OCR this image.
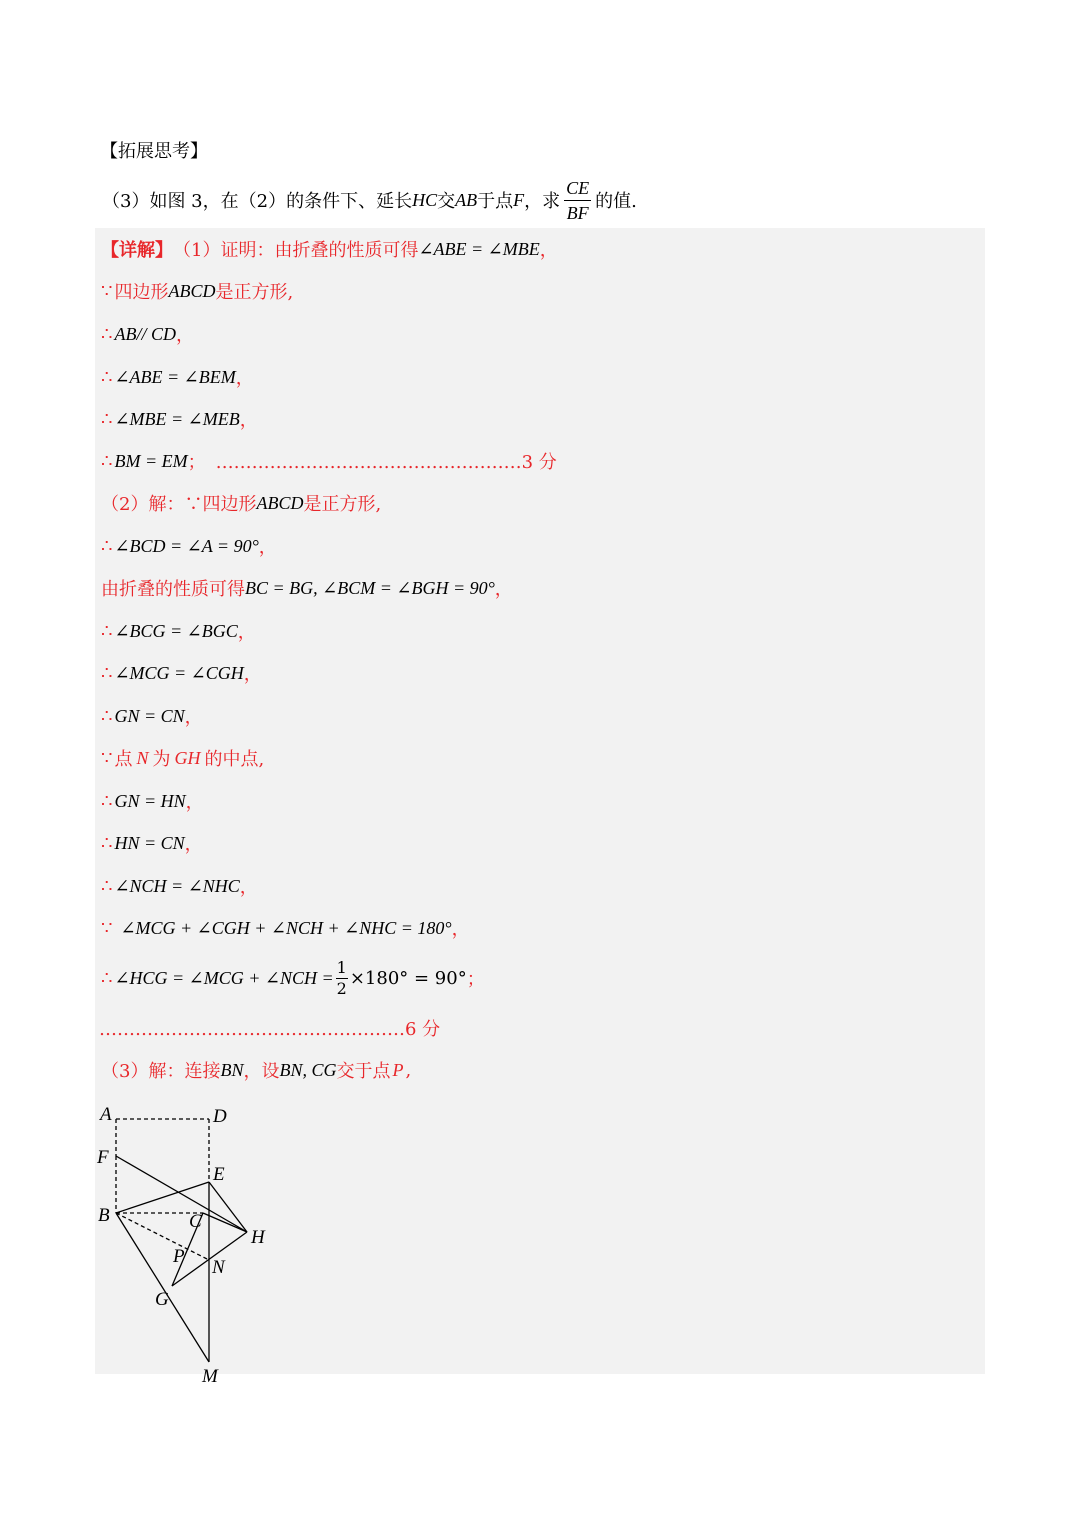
【拓展思考】
（3）如图 3，在（2）的条件下、延长 HC 交 AB 于点 F ，求 $\frac{CE}{BF}$ 的值.
【详解】 （1）证明：由折叠的性质可得 ∠ABE = ∠MBE ，
∵ 四边形 ABCD 是正方形,
∴ AB// CD ，
∴ ∠ABE = ∠BEM ，
∴ ∠MBE = ∠MEB ，
∴ BM = EM ； ……………………………………………3 分
（2）解：∵四边形 ABCD 是正方形,
∴ ∠BCD = ∠A = 90° ，
由折叠的性质可得 BC = BG, ∠BCM = ∠BGH = 90° ，
∴ ∠BCG = ∠BGC ，
∴ ∠MCG = ∠CGH ，
∴ GN = CN ，
∵ 点 N 为 GH 的中点,
∴ GN = HN ，
∴ HN = CN ，
∴ ∠NCH = ∠NHC ，
∵ ∠MCG + ∠CGH + ∠NCH + ∠NHC = 180° ，
∴ ∠HCG = ∠MCG + ∠NCH = $\frac{1}{2} \times 180^\circ = 90^\circ$ ；
……………………………………………6 分
（3）解：连接 BN ，设 BN, CG 交于点 P ,
A	D
F
E
B	C
H
P
N
G
M
